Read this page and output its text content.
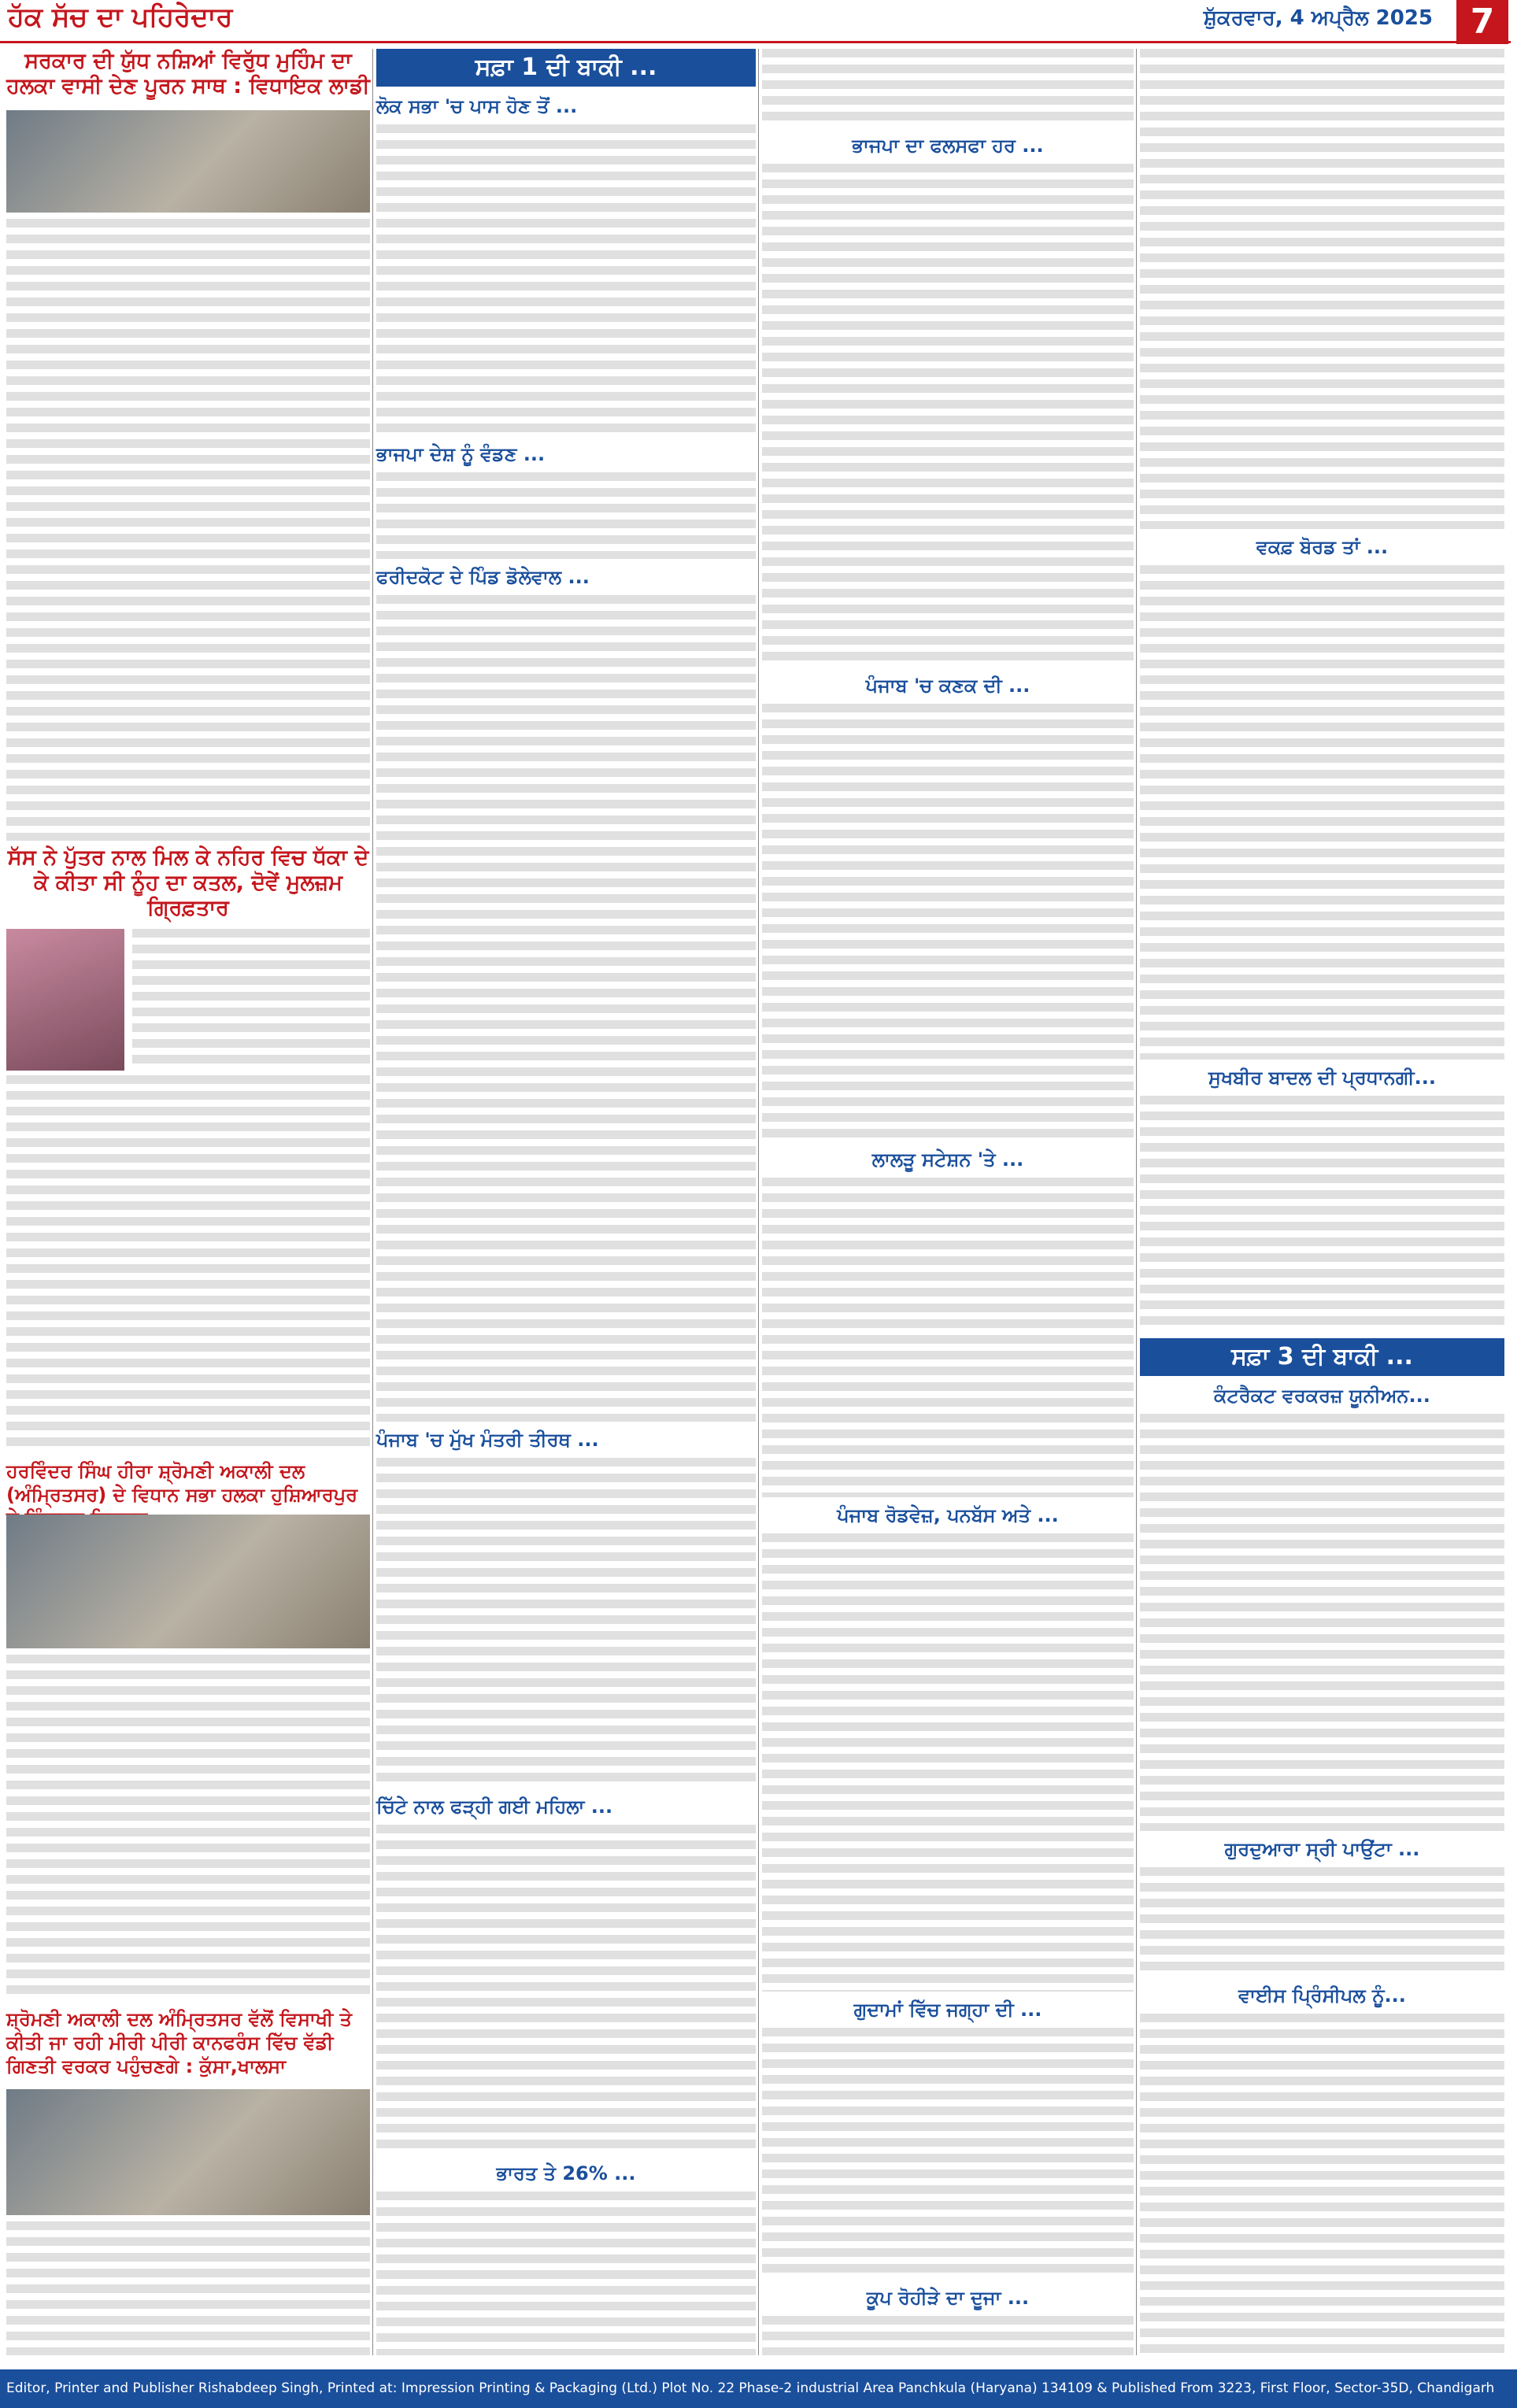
ਹੱਕ ਸੱਚ ਦਾ ਪਹਿਰੇਦਾਰ	ਸ਼ੁੱਕਰਵਾਰ, 4 ਅਪ੍ਰੈਲ 2025	7
ਸਰਕਾਰ ਦੀ ਯੁੱਧ ਨਸ਼ਿਆਂ ਵਿਰੁੱਧ ਮੁਹਿੰਮ ਦਾ ਹਲਕਾ ਵਾਸੀ ਦੇਣ ਪੂਰਨ ਸਾਥ : ਵਿਧਾਇਕ ਲਾਡੀ
ਸੱਸ ਨੇ ਪੁੱਤਰ ਨਾਲ ਮਿਲ ਕੇ ਨਹਿਰ ਵਿਚ ਧੱਕਾ ਦੇ ਕੇ ਕੀਤਾ ਸੀ ਨੂੰਹ ਦਾ ਕਤਲ, ਦੋਵੇਂ ਮੁਲਜ਼ਮ ਗ੍ਰਿਫ਼ਤਾਰ
ਹਰਵਿੰਦਰ ਸਿੰਘ ਹੀਰਾ ਸ਼੍ਰੋਮਣੀ ਅਕਾਲੀ ਦਲ (ਅੰਮ੍ਰਿਤਸਰ) ਦੇ ਵਿਧਾਨ ਸਭਾ ਹਲਕਾ ਹੁਸ਼ਿਆਰਪੁਰ
ਸ਼੍ਰੋਮਣੀ ਅਕਾਲੀ ਦਲ ਅੰਮ੍ਰਿਤਸਰ ਵੱਲੋਂ ਵਿਸਾਖੀ ਤੇ ਕੀਤੀ ਜਾ ਰਹੀ ਮੀਰੀ ਪੀਰੀ ਕਾਨਫਰੰਸ ਵਿੱਚ ਵੱਡੀ ਗਿਣਤੀ ਵਰਕਰ ਪਹੁੰਚਣਗੇ : ਕੁੱਸਾ,ਖਾਲਸਾ
ਸਫ਼ਾ 1 ਦੀ ਬਾਕੀ ...
ਲੋਕ ਸਭਾ 'ਚ ਪਾਸ ਹੋਣ ਤੋਂ ...
ਭਾਜਪਾ ਦੇਸ਼ ਨੂੰ ਵੰਡਣ ...
ਫਰੀਦਕੋਟ ਦੇ ਪਿੰਡ ਡੋਲੇਵਾਲ ...
ਪੰਜਾਬ 'ਚ ਮੁੱਖ ਮੰਤਰੀ ਤੀਰਥ ...
ਚਿੱਟੇ ਨਾਲ ਫੜ੍ਹੀ ਗਈ ਮਹਿਲਾ ...
ਭਾਰਤ ਤੇ 26% ...
ਭਾਜਪਾ ਦਾ ਫਲਸਫਾ ਹਰ ...
ਪੰਜਾਬ 'ਚ ਕਣਕ ਦੀ ...
ਲਾਲੜੂ ਸਟੇਸ਼ਨ 'ਤੇ ...
ਪੰਜਾਬ ਰੋਡਵੇਜ਼, ਪਨਬੱਸ ਅਤੇ ...
ਗੁਦਾਮਾਂ ਵਿੱਚ ਜਗ੍ਹਾ ਦੀ ...
ਕੂਪ ਰੋਹੀੜੇ ਦਾ ਦੂਜਾ ...
ਵਕਫ਼ ਬੋਰਡ ਤਾਂ ...
ਸੁਖਬੀਰ ਬਾਦਲ ਦੀ ਪ੍ਰਧਾਨਗੀ...
ਸਫ਼ਾ 3 ਦੀ ਬਾਕੀ ...
ਕੰਟਰੈਕਟ ਵਰਕਰਜ਼ ਯੂਨੀਅਨ...
ਗੁਰਦੁਆਰਾ ਸ੍ਰੀ ਪਾਉਂਟਾ ...
ਵਾਈਸ ਪ੍ਰਿੰਸੀਪਲ ਨੂੰ...
Editor, Printer and Publisher Rishabdeep Singh, Printed at: Impression Printing & Packaging (Ltd.) Plot No. 22 Phase-2 industrial Area Panchkula (Haryana) 134109 & Published From 3223, First Floor, Sector-35D, Chandigarh
